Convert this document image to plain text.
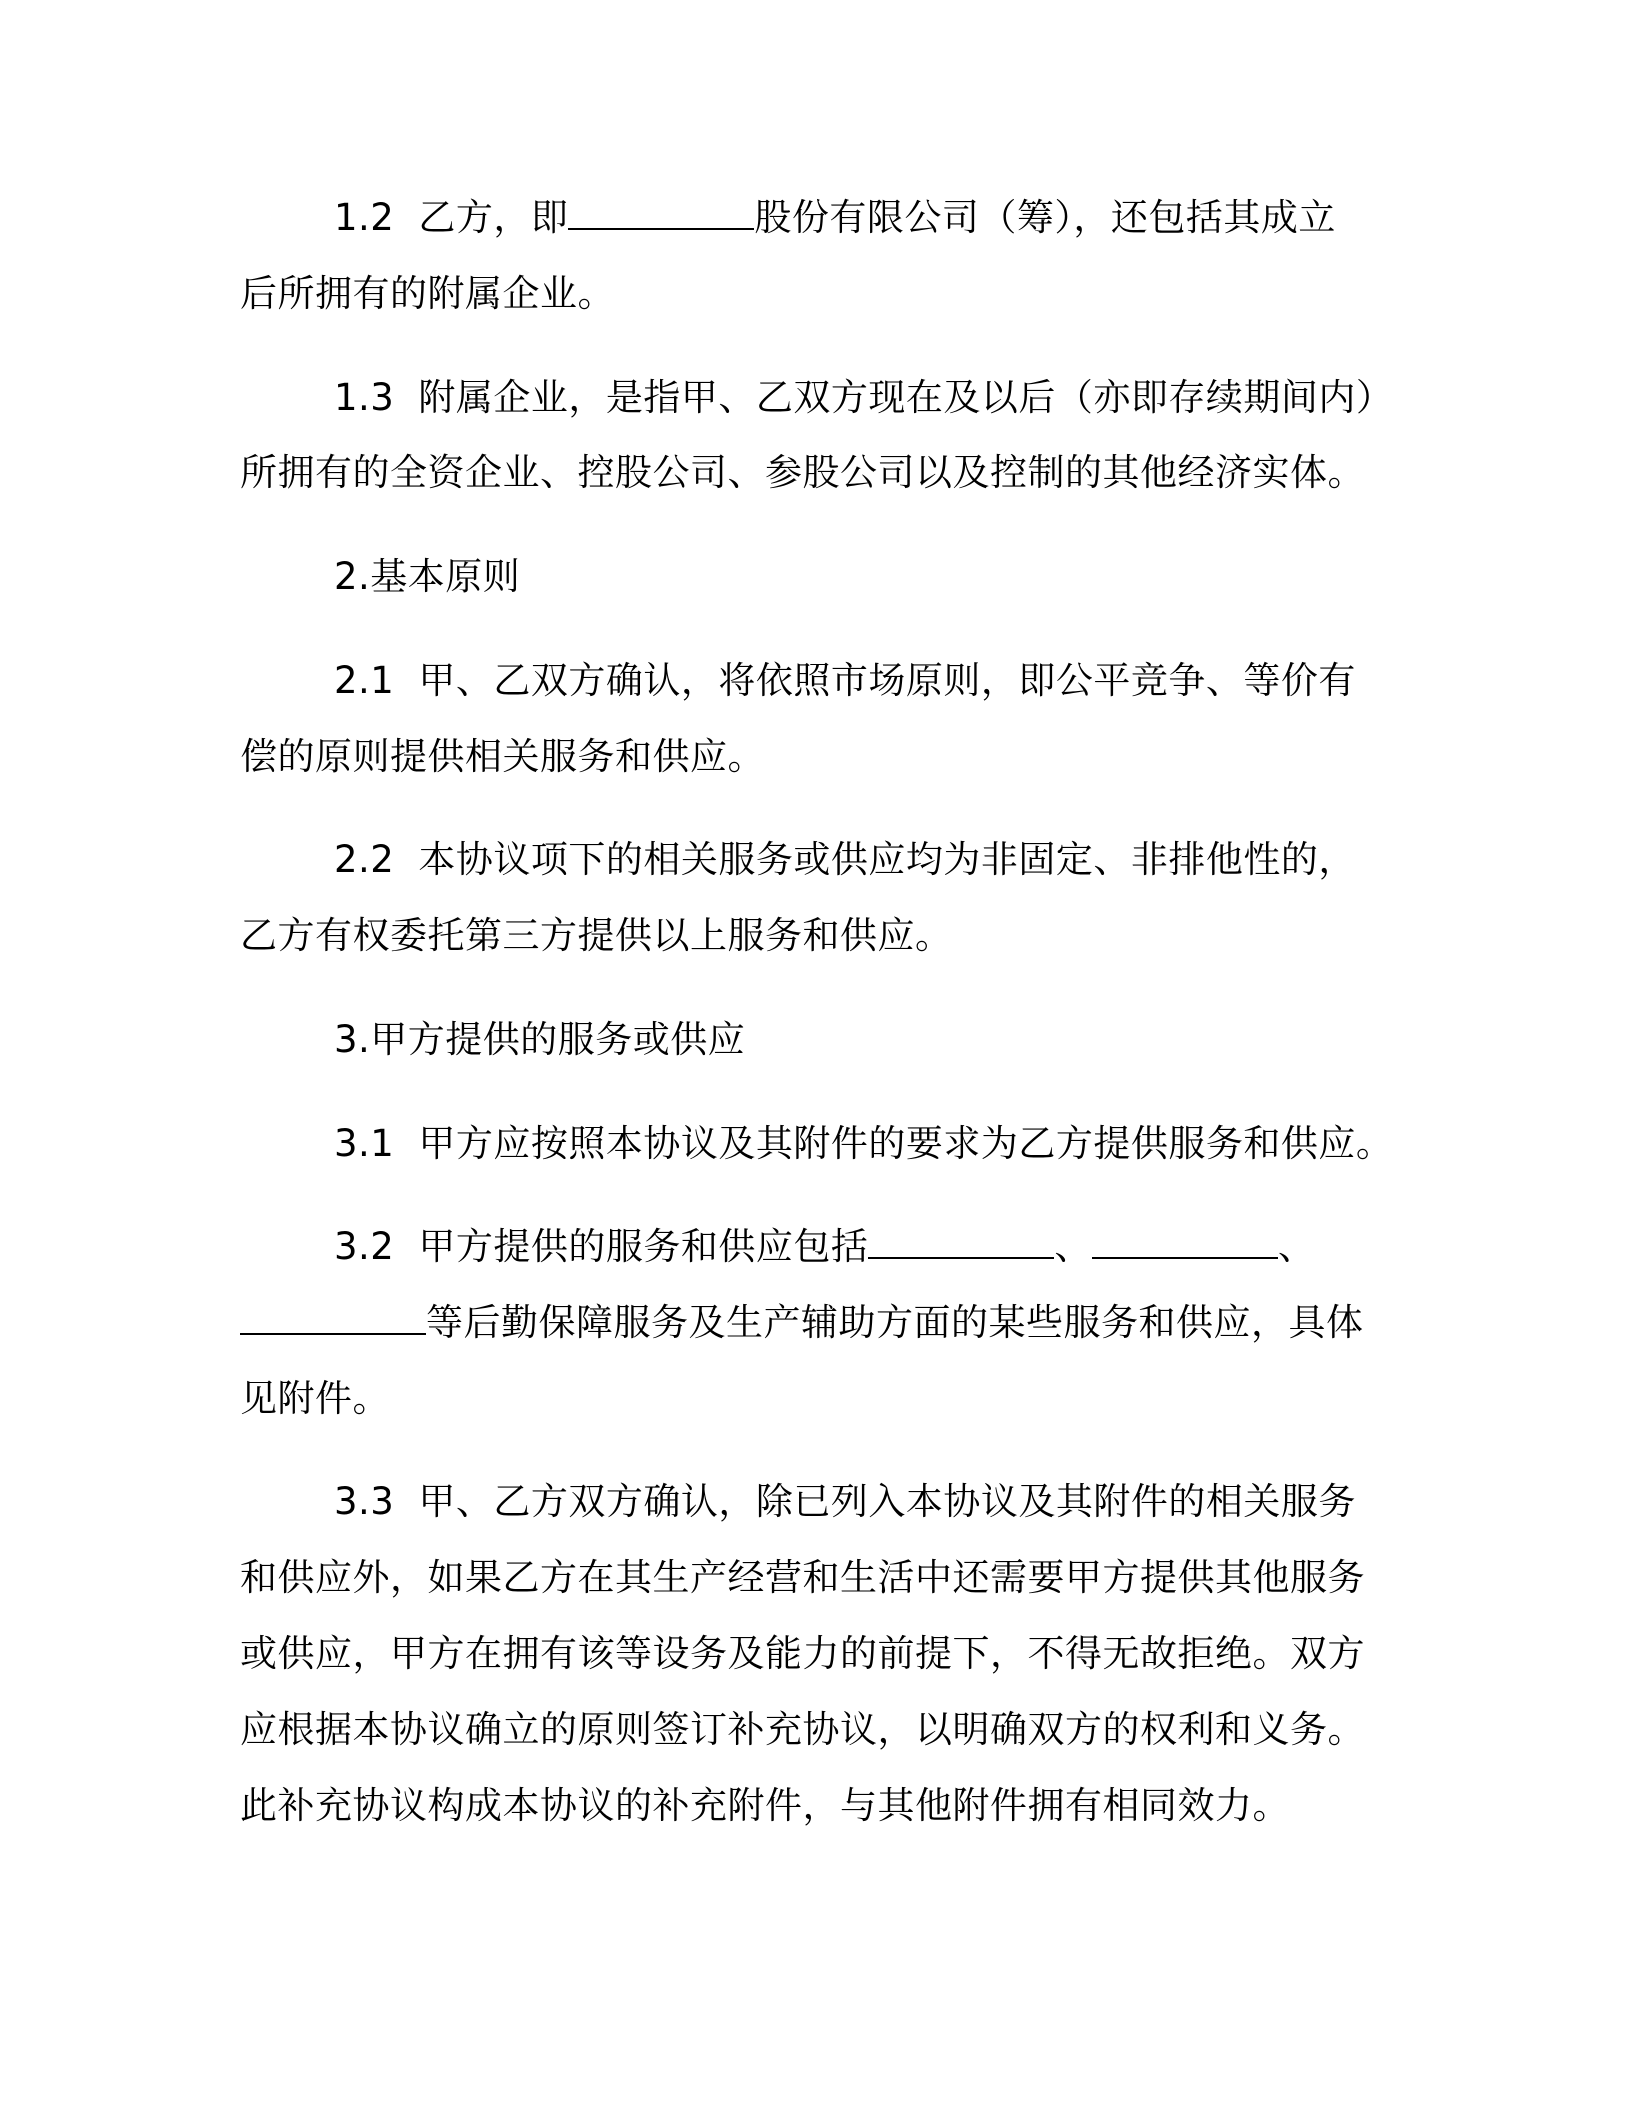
1.2 乙方，即	股份有限公司（筹），还包括其成立
后所拥有的附属企业。
1.3 附属企业，是指甲、乙双方现在及以后（亦即存续期间内）
所拥有的全资企业、控股公司、参股公司以及控制的其他经济实体。
2.基本原则
2.1 甲、乙双方确认，将依照市场原则，即公平竞争、等价有
偿的原则提供相关服务和供应。
2.2 本协议项下的相关服务或供应均为非固定、非排他性的，
乙方有权委托第三方提供以上服务和供应。
3.甲方提供的服务或供应
3.1 甲方应按照本协议及其附件的要求为乙方提供服务和供应。
3.2 甲方提供的服务和供应包括	、	、
等后勤保障服务及生产辅助方面的某些服务和供应，具体
见附件。
3.3 甲、乙方双方确认，除已列入本协议及其附件的相关服务
和供应外，如果乙方在其生产经营和生活中还需要甲方提供其他服务
或供应，甲方在拥有该等设务及能力的前提下，不得无故拒绝。双方
应根据本协议确立的原则签订补充协议，以明确双方的权利和义务。
此补充协议构成本协议的补充附件，与其他附件拥有相同效力。
